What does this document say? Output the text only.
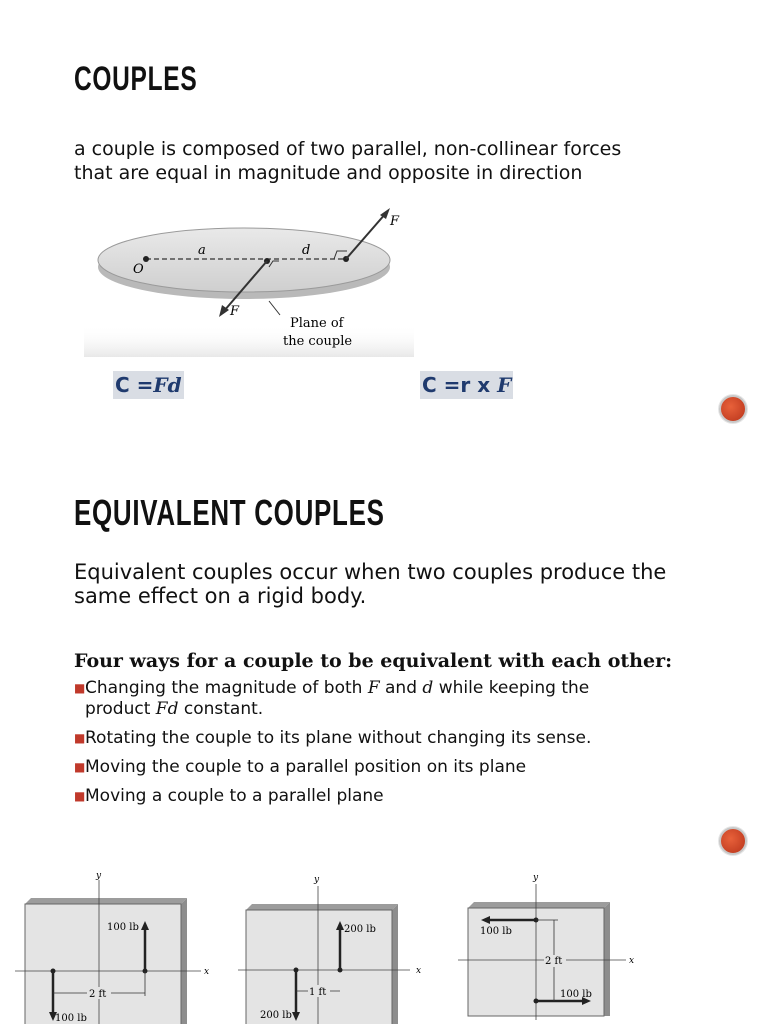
COUPLES

a couple is composed of two parallel, non-collinear forces
that are equal in magnitude and opposite in direction

F
F
a	d
O
Plane of
the couple
C =Fd	C =r x F
EQUIVALENT COUPLES

Equivalent couples occur when two couples produce the
same effect on a rigid body.

Four ways for a couple to be equivalent with each other:

■ Changing the magnitude of both F and d while keeping the
product Fd constant.
■ Rotating the couple to its plane without changing its sense.
■ Moving the couple to a parallel position on its plane
■ Moving a couple to a parallel plane
y
x
2 ft
100 lb
100 lb
y
x
1 ft
200 lb
200 lb
y
x
2 ft
100 lb
100 lb
